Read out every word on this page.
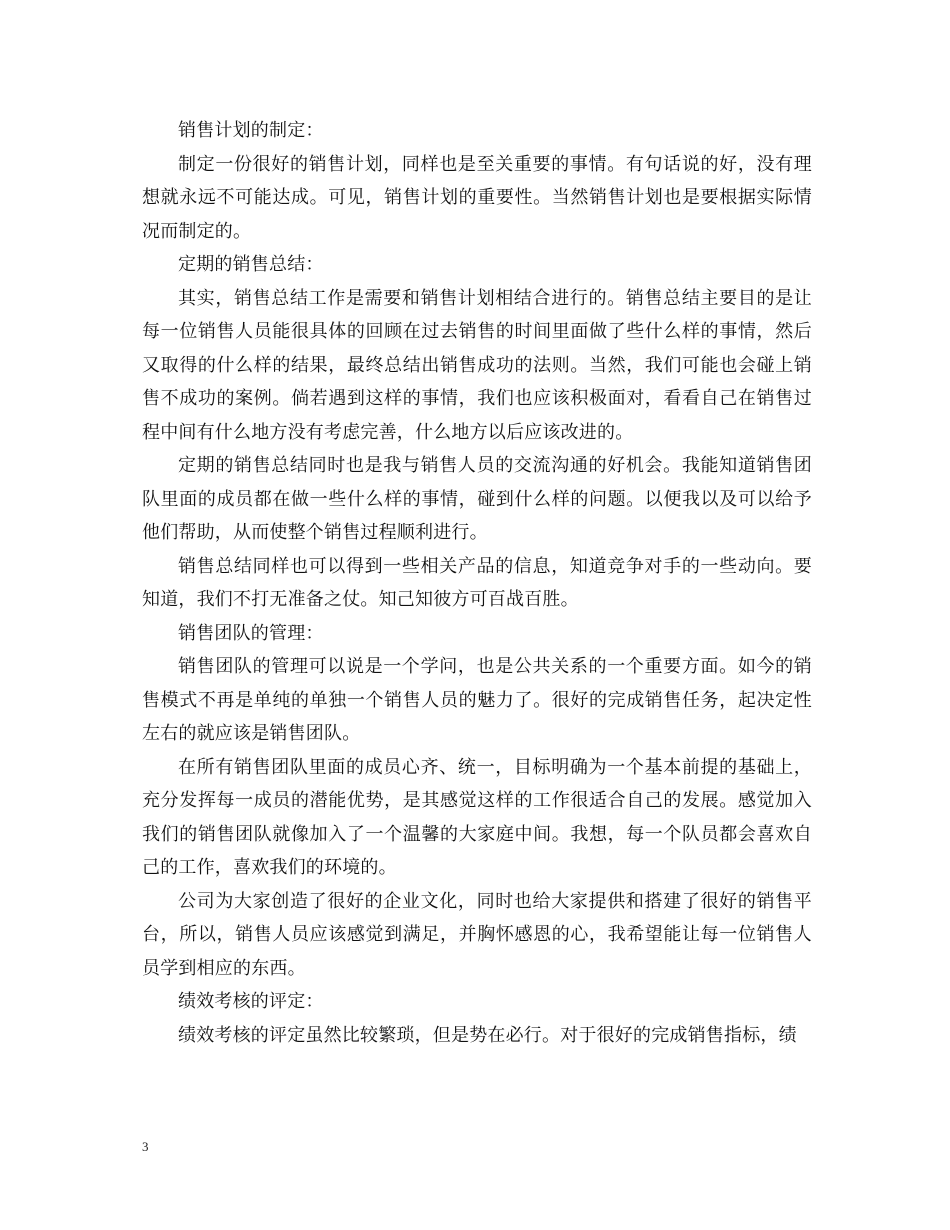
销售计划的制定：

制定一份很好的销售计划，同样也是至关重要的事情。有句话说的好，没有理想就永远不可能达成。可见，销售计划的重要性。当然销售计划也是要根据实际情况而制定的。

定期的销售总结：

其实，销售总结工作是需要和销售计划相结合进行的。销售总结主要目的是让每一位销售人员能很具体的回顾在过去销售的时间里面做了些什么样的事情，然后又取得的什么样的结果，最终总结出销售成功的法则。当然，我们可能也会碰上销售不成功的案例。倘若遇到这样的事情，我们也应该积极面对，看看自己在销售过程中间有什么地方没有考虑完善，什么地方以后应该改进的。

定期的销售总结同时也是我与销售人员的交流沟通的好机会。我能知道销售团队里面的成员都在做一些什么样的事情，碰到什么样的问题。以便我以及可以给予他们帮助，从而使整个销售过程顺利进行。

销售总结同样也可以得到一些相关产品的信息，知道竞争对手的一些动向。要知道，我们不打无准备之仗。知己知彼方可百战百胜。

销售团队的管理：

销售团队的管理可以说是一个学问，也是公共关系的一个重要方面。如今的销售模式不再是单纯的单独一个销售人员的魅力了。很好的完成销售任务，起决定性左右的就应该是销售团队。

在所有销售团队里面的成员心齐、统一，目标明确为一个基本前提的基础上，充分发挥每一成员的潜能优势，是其感觉这样的工作很适合自己的发展。感觉加入我们的销售团队就像加入了一个温馨的大家庭中间。我想，每一个队员都会喜欢自己的工作，喜欢我们的环境的。

公司为大家创造了很好的企业文化，同时也给大家提供和搭建了很好的销售平台，所以，销售人员应该感觉到满足，并胸怀感恩的心，我希望能让每一位销售人员学到相应的东西。

绩效考核的评定：

绩效考核的评定虽然比较繁琐，但是势在必行。对于很好的完成销售指标，绩

3
